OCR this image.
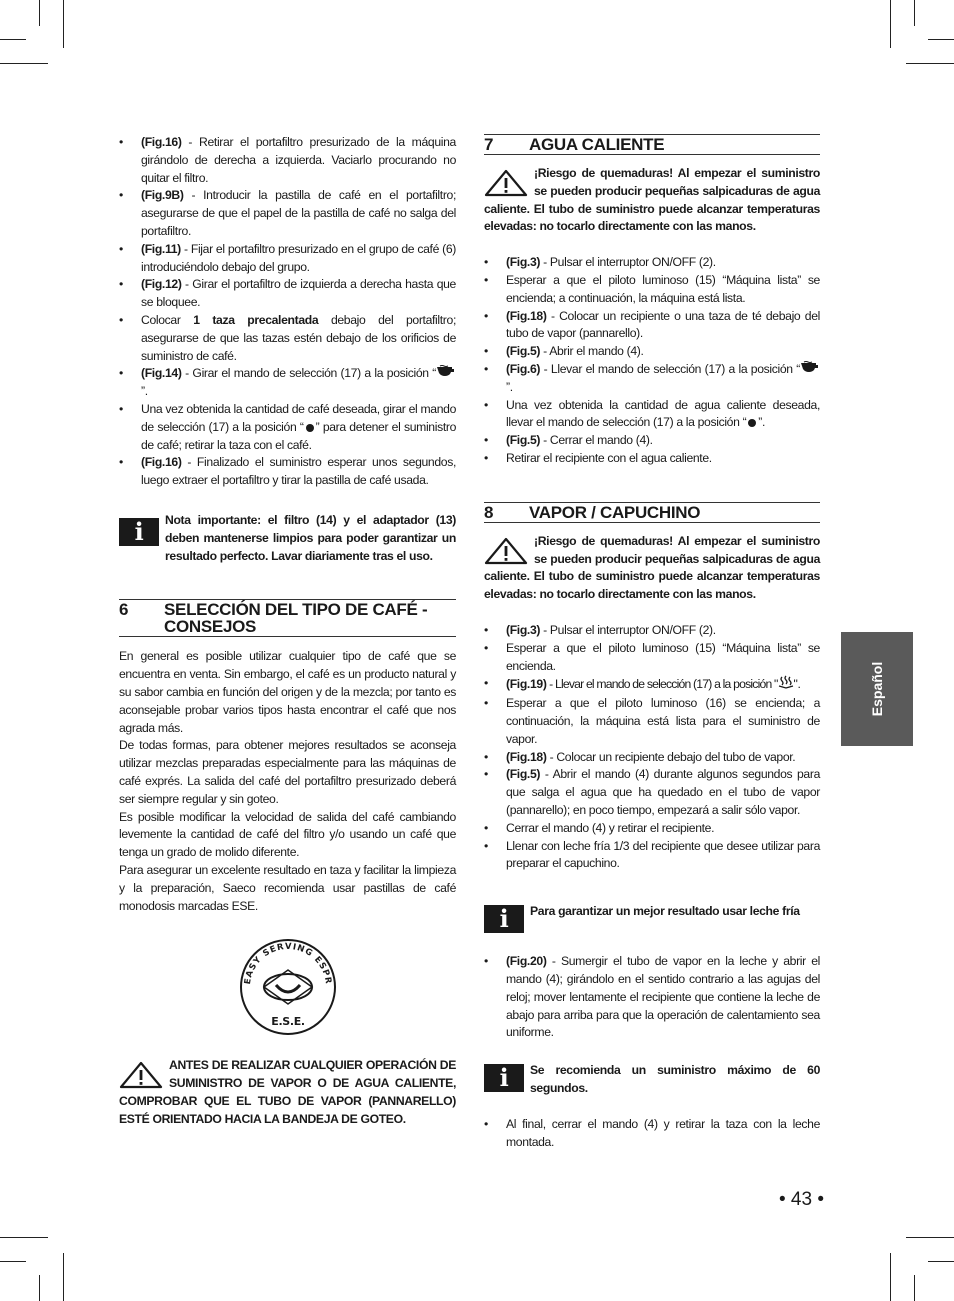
• (Fig.16) - Retirar el portafiltro presurizado de la máquina girándolo de derecha a izquierda. Vaciarlo procurando no quitar el filtro.
• (Fig.9B) - Introducir la pastilla de café en el portafiltro; asegurarse de que el papel de la pastilla de café no salga del portafiltro.
• (Fig.11) - Fijar el portafiltro presurizado en el grupo de café (6) introduciéndolo debajo del grupo.
• (Fig.12) - Girar el portafiltro de izquierda a derecha hasta que se bloquee.
• Colocar 1 taza precalentada debajo del portafiltro; asegurarse de que las tazas estén debajo de los orificios de suministro de café.
• (Fig.14) - Girar el mando de selección (17) a la posición “”.
• Una vez obtenida la cantidad de café deseada, girar el mando de selección (17) a la posición “ ” para detener el suministro de café; retirar la taza con el café.
• (Fig.16) - Finalizado el suministro esperar unos segundos, luego extraer el portafiltro y tirar la pastilla de café usada.
i	Nota importante: el filtro (14) y el adaptador (13) deben mantenerse limpios para poder garantizar un resultado perfecto. Lavar diariamente tras el uso.
6	SELECCIÓN DEL TIPO DE CAFÉ - CONSEJOS

En general es posible utilizar cualquier tipo de café que se encuentra en venta. Sin embargo, el café es un producto natural y su sabor cambia en función del origen y de la mezcla; por tanto es aconsejable probar varios tipos hasta encontrar el café que nos agrada más.

De todas formas, para obtener mejores resultados se aconseja utilizar mezclas preparadas especialmente para las máquinas de café exprés. La salida del café del portafiltro presurizado deberá ser siempre regular y sin goteo.

Es posible modificar la velocidad de salida del café cambiando levemente la cantidad de café del filtro y/o usando un café que tenga un grado de molido diferente.

Para asegurar un excelente resultado en taza y facilitar la limpieza y la preparación, Saeco recomienda usar pastillas de café monodosis marcadas ESE.

EASY SERVING ESPR
E.S.E.
ANTES DE REALIZAR CUALQUIER OPERACIÓN DE SUMINISTRO DE VAPOR O DE AGUA CALIENTE, COMPROBAR QUE EL TUBO DE VAPOR (PANNARELLO) ESTÉ ORIENTADO HACIA LA BANDEJA DE GOTEO.
7	AGUA CALIENTE
¡Riesgo de quemaduras! Al empezar el suministro se pueden producir pequeñas salpicaduras de agua caliente. El tubo de suministro puede alcanzar temperaturas elevadas: no tocarlo directamente con las manos.
• (Fig.3) - Pulsar el interruptor ON/OFF (2).
• Esperar a que el piloto luminoso (15) “Máquina lista” se encienda; a continuación, la máquina está lista.
• (Fig.18) - Colocar un recipiente o una taza de té debajo del tubo de vapor (pannarello).
• (Fig.5) - Abrir el mando (4).
• (Fig.6) - Llevar el mando de selección (17) a la posición “”.
• Una vez obtenida la cantidad de agua caliente deseada, llevar el mando de selección (17) a la posición “ ”.
• (Fig.5) - Cerrar el mando (4).
• Retirar el recipiente con el agua caliente.
8	VAPOR / CAPUCHINO
¡Riesgo de quemaduras! Al empezar el suministro se pueden producir pequeñas salpicaduras de agua caliente. El tubo de suministro puede alcanzar temperaturas elevadas: no tocarlo directamente con las manos.
• (Fig.3) - Pulsar el interruptor ON/OFF (2).
• Esperar a que el piloto luminoso (15) “Máquina lista” se encienda.
• (Fig.19) - Llevar el mando de selección (17) a la posición " ".
• Esperar a que el piloto luminoso (16) se encienda; a continuación, la máquina está lista para el suministro de vapor.
• (Fig.18) - Colocar un recipiente debajo del tubo de vapor.
• (Fig.5) - Abrir el mando (4) durante algunos segundos para que salga el agua que ha quedado en el tubo de vapor (pannarello); en poco tiempo, empezará a salir sólo vapor.
• Cerrar el mando (4) y retirar el recipiente.
• Llenar con leche fría 1/3 del recipiente que desee utilizar para preparar el capuchino.
i	Para garantizar un mejor resultado usar leche fría
• (Fig.20) - Sumergir el tubo de vapor en la leche y abrir el mando (4); girándolo en el sentido contrario a las agujas del reloj; mover lentamente el recipiente que contiene la leche de abajo para arriba para que la operación de calentamiento sea uniforme.
i	Se recomienda un suministro máximo de 60 segundos.
• Al final, cerrar el mando (4) y retirar la taza con la leche montada.
Español
• 43 •
